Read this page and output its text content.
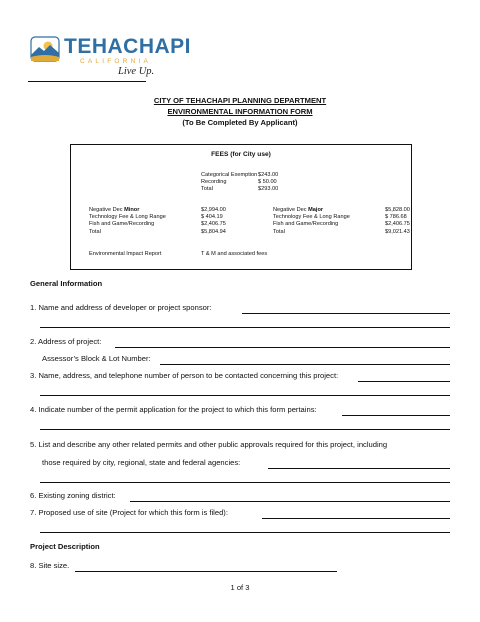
TEHACHAPI
CALIFORNIA
Live Up.
CITY OF TEHACHAPI PLANNING DEPARTMENT
ENVIRONMENTAL INFORMATION FORM
(To Be Completed By Applicant)
FEES (for City use)
Categorical Exemption
Recording
Total
$243.00
$ 50.00
$293.00
Negative Dec Minor
Technology Fee & Long Range
Fish and Game/Recording
Total
$2,994.00
$ 404.19
$2,406.75
$5,804.94
Negative Dec Major
Technology Fee & Long Range
Fish and Game/Recording
Total
$5,828.00
$ 786.68
$2,406.75
$9,021.43
Environmental Impact Report	T & M and associated fees
General Information
1. Name and address of developer or project sponsor:
2. Address of project:
Assessor’s Block & Lot Number:
3. Name, address, and telephone number of person to be contacted concerning this project:
4. Indicate number of the permit application for the project to which this form pertains:
5. List and describe any other related permits and other public approvals required for this project, including
those required by city, regional, state and federal agencies:
6. Existing zoning district:
7. Proposed use of site (Project for which this form is filed):
Project Description
8. Site size.
1 of 3
